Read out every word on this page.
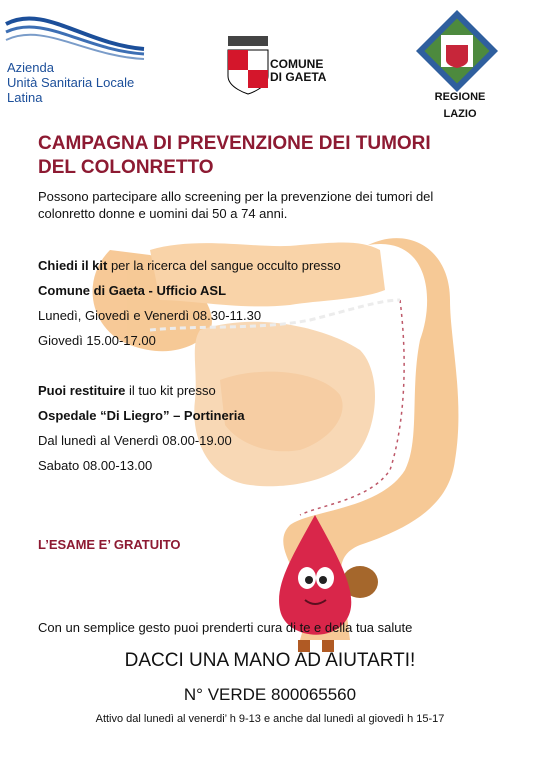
Azienda
Unità Sanitaria Locale
Latina
COMUNE
DI GAETA
REGIONE
LAZIO
CAMPAGNA DI PREVENZIONE DEI TUMORI
DEL COLONRETTO
Possono partecipare allo screening per la prevenzione dei tumori del
colonretto donne e uomini dai 50 a 74 anni.
Chiedi il kit per la ricerca del sangue occulto presso
Comune di Gaeta - Ufficio ASL
Lunedì, Giovedì e Venerdì 08.30-11.30
Giovedì 15.00-17.00
Puoi restituire il tuo kit presso
Ospedale “Di Liegro” – Portineria
Dal lunedì al Venerdì 08.00-19.00
Sabato 08.00-13.00
L’ESAME E’ GRATUITO
Con un semplice gesto puoi prenderti cura di te e della tua salute
DACCI UNA MANO AD AIUTARTI!
N° VERDE 800065560
Attivo dal lunedì al venerdi’ h 9-13 e anche dal lunedì al giovedì h 15-17
